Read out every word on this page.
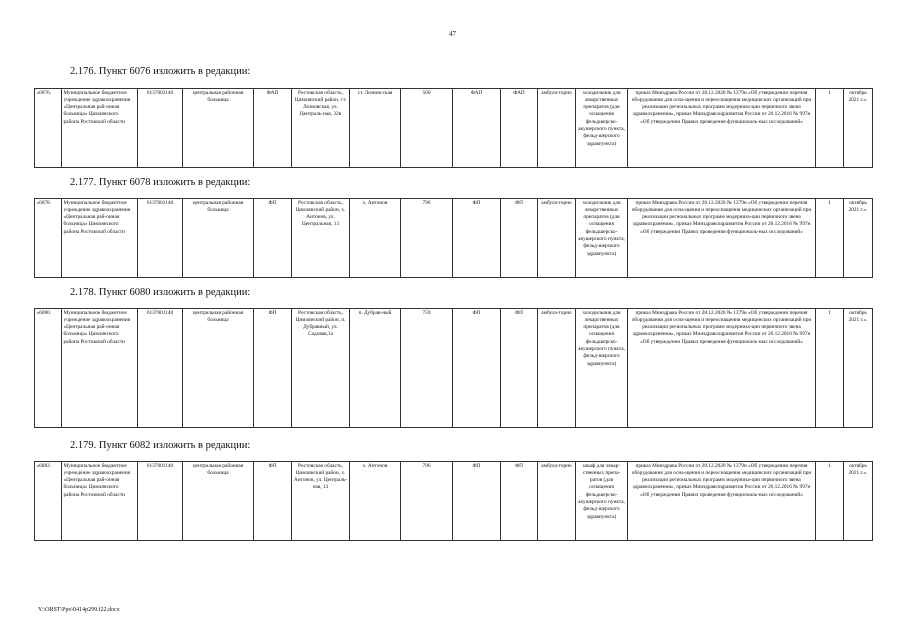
47
2.176. Пункт 6076 изложить в редакции:
«6076.	Муниципальное бюджетное учреждение здравоохранения «Центральная рай-онная больница» Цимлянского района Ростовской области	6137001140	центральная районная больница	ФАП	Ростовская область, Цимлянский район, ст. Лозновская, ул. Централь-ная, 32в	ст. Лознов-ская	560	ФАП	ФАП	амбула-торно	холодильник для лекарственных препаратов (для оснащения фельдшерско-акушерского пункта, фельд-шерского здравпункта)	приказ Минздрава России от 28.12.2020 № 1379н «Об утверждении перечня оборудования для осна-щения и переоснащения медицинских организаций при реализации региональных программ модерниза-ции первичного звена здравоохранения», приказ Минздравсоцразвития России от 26.12.2016 № 997н «Об утверждении Правил проведения функциональ-ных исследований»	1	октябрь 2021 г.».
2.177. Пункт 6078 изложить в редакции:
«6078.	Муниципальное бюджетное учреждение здравоохранения «Центральная рай-онная больница» Цимлянского района Ростовской области	6137001140	центральная районная больница	ФП	Ростовская область, Цимлянский район, х. Антонов, ул. Центральная, 13	х. Антонов	796	ФП	ФП	амбула-торно	холодильник для лекарственных препаратов (для оснащения фельдшерско-акушерского пункта, фельд-шерского здравпункта)	приказ Минздрава России от 28.12.2020 № 1379н «Об утверждении перечня оборудования для осна-щения и переоснащения медицинских организаций при реализации региональных программ модерниза-ции первичного звена здравоохранения», приказ Минздравсоцразвития России от 26.12.2016 № 997н «Об утверждении Правил проведения функциональ-ных исследований»	1	октябрь 2021 г.».
2.178. Пункт 6080 изложить в редакции:
«6080.	Муниципальное бюджетное учреждение здравоохранения «Центральная рай-онная больница» Цимлянского района Ростовской области	6137001140	центральная районная больница	ФП	Ростовская область, Цимлянский район, п. Дубравный, ул. Садовая,1а	п. Дубрав-ный	759	ФП	ФП	амбула-торно	холодильник для лекарственных препаратов (для оснащения фельдшерско-акушерского пункта, фельд-шерского здравпункта)	приказ Минздрава России от 28.12.2020 № 1379н «Об утверждении перечня оборудования для осна-щения и переоснащения медицинских организаций при реализации региональных программ модерниза-ции первичного звена здравоохранения», приказ Минздравсоцразвития России от 26.12.2016 № 997н «Об утверждении Правил проведения функциональ-ных исследований»	1	октябрь 2021 г.».
2.179. Пункт 6082 изложить в редакции:
«6082.	Муниципальное бюджетное учреждение здравоохранения «Центральная рай-онная больница» Цимлянского района Ростовской области	6137001140	центральная районная больница	ФП	Ростовская область, Цимлянский район, х. Антонов, ул. Централь-ная, 13	х. Антонов	796	ФП	ФП	амбула-торно	шкаф для лекар-ственных препа-ратов (для оснащения фельдшерско-акушерского пункта, фельд-шерского здравпункта)	приказ Минздрава России от 28.12.2020 № 1379н «Об утверждении перечня оборудования для осна-щения и переоснащения медицинских организаций при реализации региональных программ модерниза-ции первичного звена здравоохранения», приказ Минздравсоцразвития России от 26.12.2016 № 997н «Об утверждении Правил проведения функциональ-ных исследований»	1	октябрь 2021 г.».
Y:\ORST\Ppo\0414p299.f22.docx
